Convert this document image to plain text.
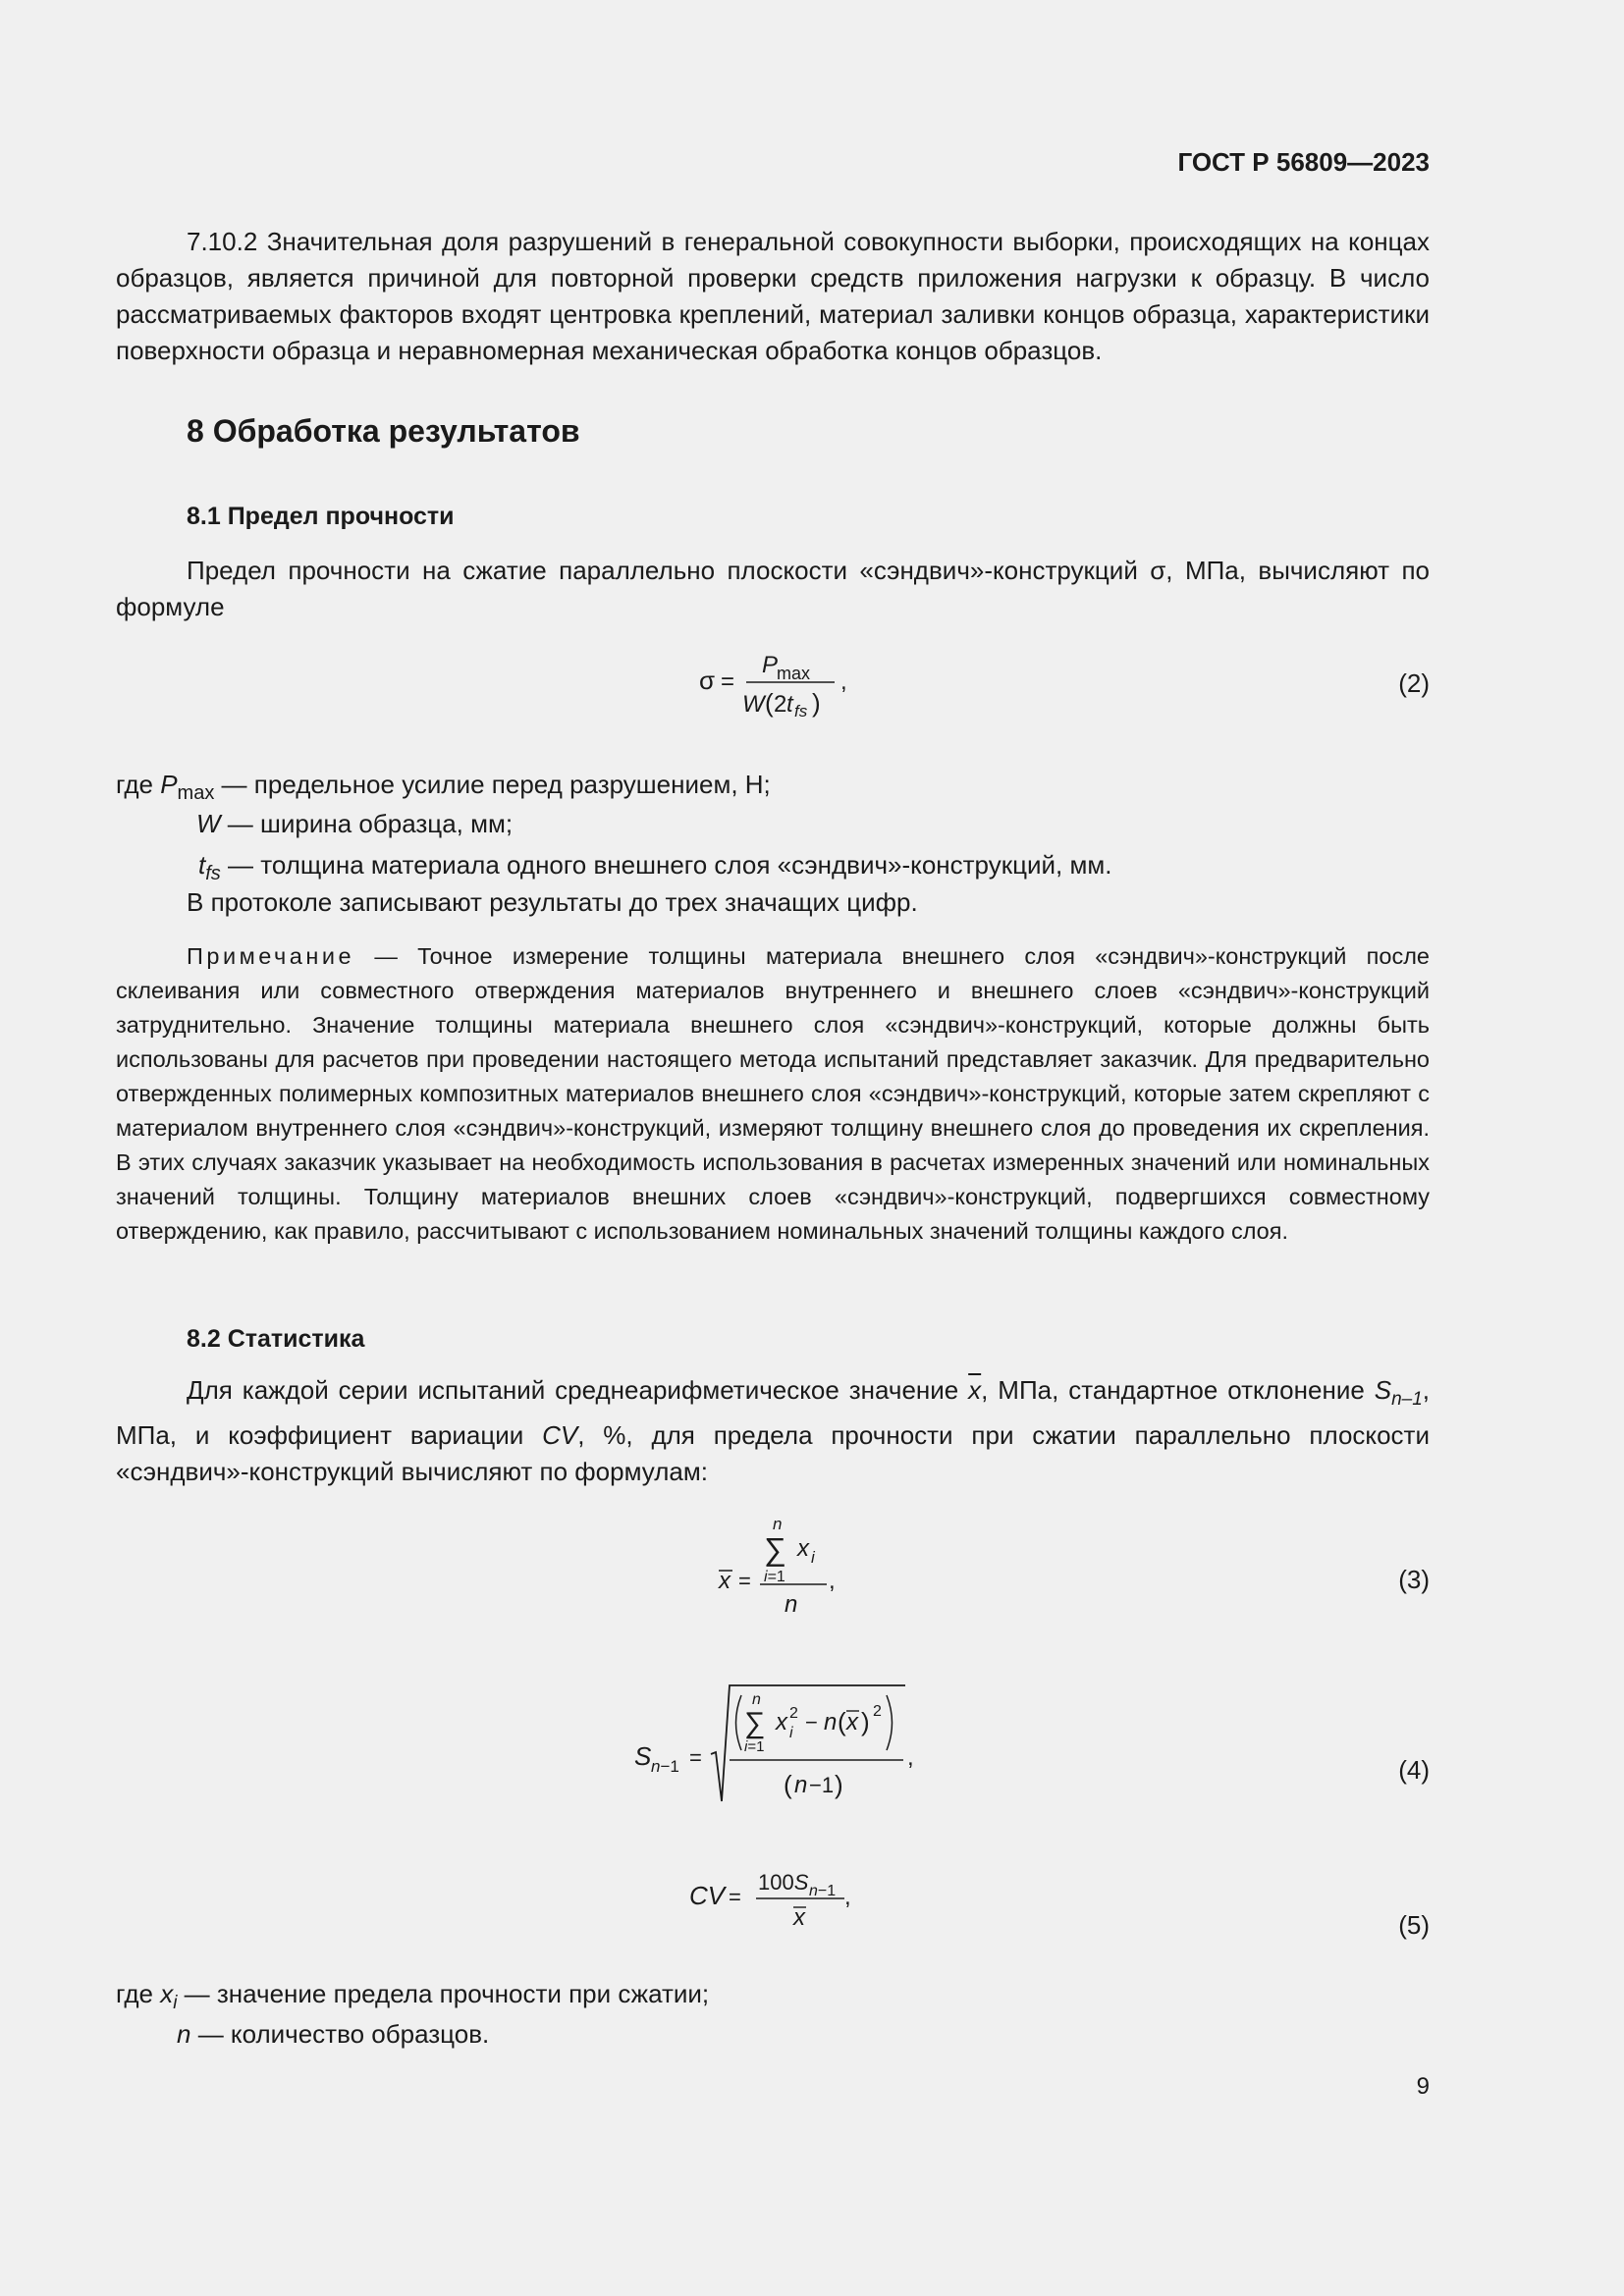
ГОСТ Р 56809—2023
7.10.2 Значительная доля разрушений в генеральной совокупности выборки, происходящих на концах образцов, является причиной для повторной проверки средств приложения нагрузки к образцу. В число рассматриваемых факторов входят центровка креплений, материал заливки концов образца, характеристики поверхности образца и неравномерная механическая обработка концов образцов.
8 Обработка результатов
8.1 Предел прочности
Предел прочности на сжатие параллельно плоскости «сэндвич»-конструкций σ, МПа, вычисляют по формуле
σ =
P
max
W ( 2 t fs )
,	(2)
где $P_{max}$ — предельное усилие перед разрушением, Н;
W — ширина образца, мм;
$t_{fs}$ — толщина материала одного внешнего слоя «сэндвич»-конструкций, мм.
В протоколе записывают результаты до трех значащих цифр.
Примечание — Точное измерение толщины материала внешнего слоя «сэндвич»-конструкций после склеивания или совместного отверждения материалов внутреннего и внешнего слоев «сэндвич»-конструкций затруднительно. Значение толщины материала внешнего слоя «сэндвич»-конструкций, которые должны быть использованы для расчетов при проведении настоящего метода испытаний представляет заказчик. Для предварительно отвержденных полимерных композитных материалов внешнего слоя «сэндвич»-конструкций, которые затем скрепляют с материалом внутреннего слоя «сэндвич»-конструкций, измеряют толщину внешнего слоя до проведения их скрепления. В этих случаях заказчик указывает на необходимость использования в расчетах измеренных значений или номинальных значений толщины. Толщину материалов внешних слоев «сэндвич»-конструкций, подвергшихся совместному отверждению, как правило, рассчитывают с использованием номинальных значений толщины каждого слоя.
8.2 Статистика
Для каждой серии испытаний среднеарифметическое значение $\overline{x}$, МПа, стандартное отклонение $S_{n-1}$, МПа, и коэффициент вариации CV, %, для предела прочности при сжатии параллельно плоскости «сэндвич»-конструкций вычисляют по формулам:
x =
n
∑ x i
i=1
n
,	(3)
S n−1 =
n
∑
i=1
x 2
i − n ( x ) 2
( n −1 )
,	(4)
CV =
100S n−1
x
,
(5)
где $x_i$ — значение предела прочности при сжатии;
n — количество образцов.
9
